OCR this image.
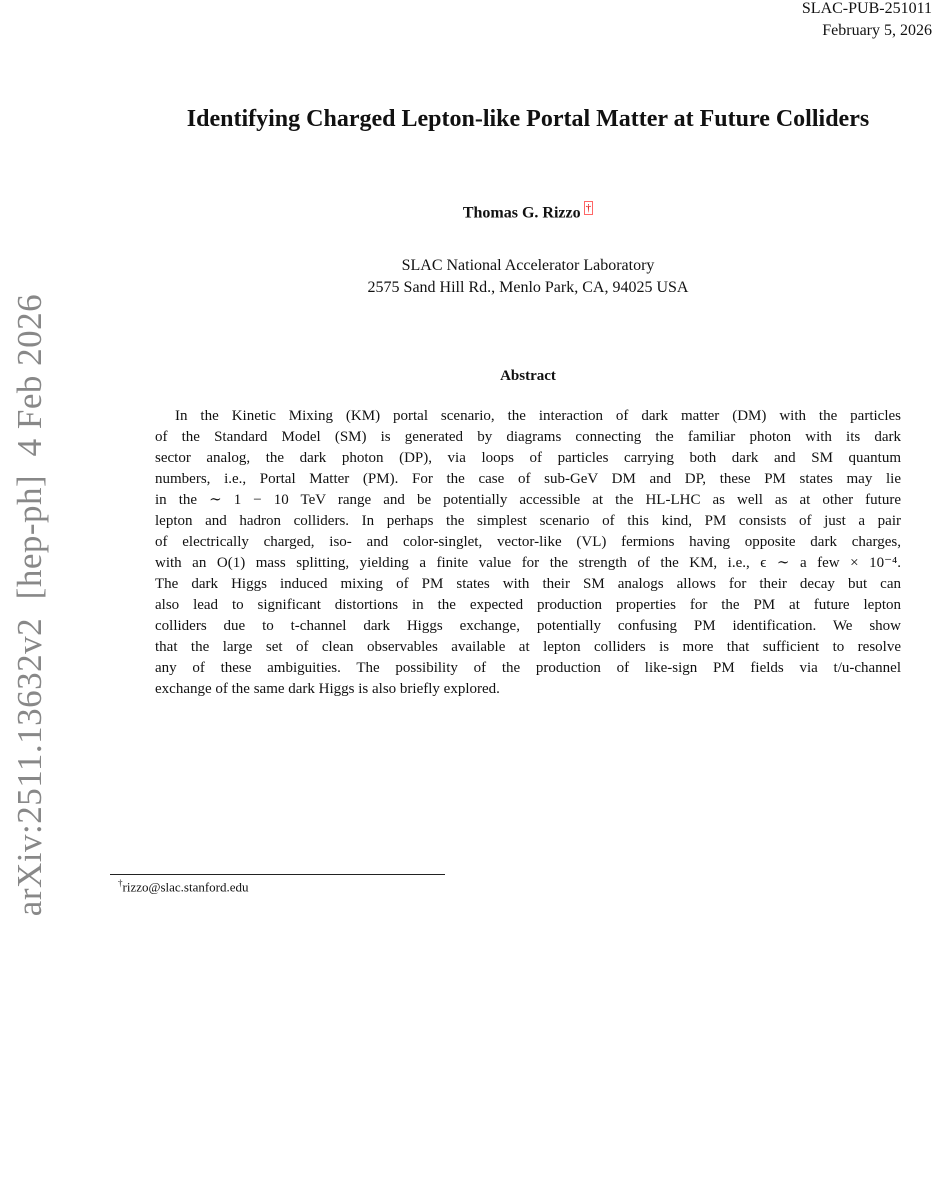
SLAC-PUB-251011
February 5, 2026
Identifying Charged Lepton-like Portal Matter at Future Colliders
Thomas G. Rizzo †
SLAC National Accelerator Laboratory
2575 Sand Hill Rd., Menlo Park, CA, 94025 USA
Abstract
In the Kinetic Mixing (KM) portal scenario, the interaction of dark matter (DM) with the particles
of the Standard Model (SM) is generated by diagrams connecting the familiar photon with its dark
sector analog, the dark photon (DP), via loops of particles carrying both dark and SM quantum
numbers, i.e., Portal Matter (PM). For the case of sub-GeV DM and DP, these PM states may lie
in the ∼ 1 − 10 TeV range and be potentially accessible at the HL-LHC as well as at other future
lepton and hadron colliders. In perhaps the simplest scenario of this kind, PM consists of just a pair
of electrically charged, iso- and color-singlet, vector-like (VL) fermions having opposite dark charges,
with an O(1) mass splitting, yielding a finite value for the strength of the KM, i.e., ϵ ∼ a few × 10⁻⁴.
The dark Higgs induced mixing of PM states with their SM analogs allows for their decay but can
also lead to significant distortions in the expected production properties for the PM at future lepton
colliders due to t-channel dark Higgs exchange, potentially confusing PM identification. We show
that the large set of clean observables available at lepton colliders is more that sufficient to resolve
any of these ambiguities. The possibility of the production of like-sign PM fields via t/u-channel
exchange of the same dark Higgs is also briefly explored.
arXiv:2511.13632v2  [hep-ph]  4 Feb 2026	†rizzo@slac.stanford.edu
